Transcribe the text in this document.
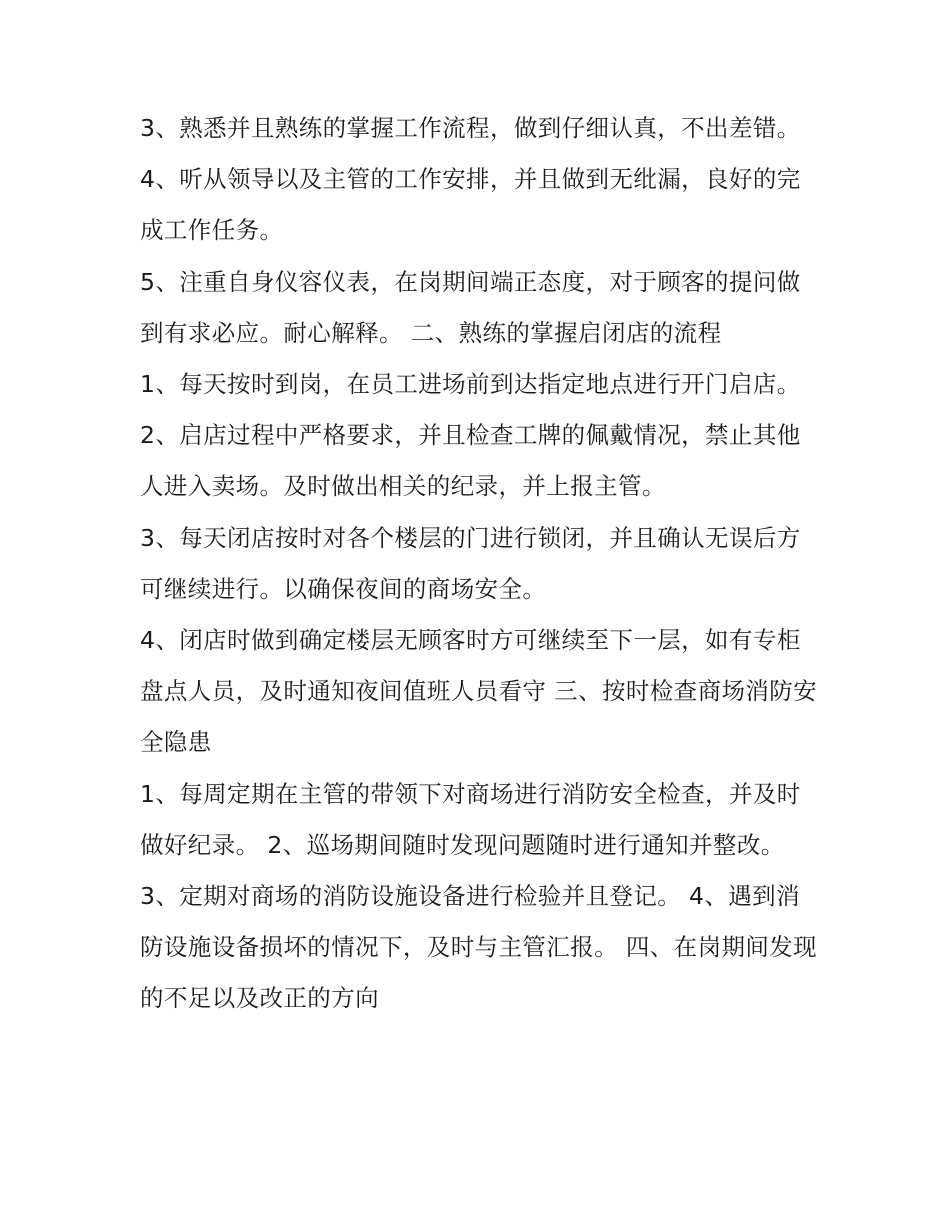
3、熟悉并且熟练的掌握工作流程，做到仔细认真，不出差错。 4、听从领导以及主管的工作安排，并且做到无纰漏，良好的完成工作任务。

5、注重自身仪容仪表，在岗期间端正态度，对于顾客的提问做到有求必应。耐心解释。 二、熟练的掌握启闭店的流程

1、每天按时到岗，在员工进场前到达指定地点进行开门启店。

2、启店过程中严格要求，并且检查工牌的佩戴情况，禁止其他人进入卖场。及时做出相关的纪录，并上报主管。

3、每天闭店按时对各个楼层的门进行锁闭，并且确认无误后方可继续进行。以确保夜间的商场安全。

4、闭店时做到确定楼层无顾客时方可继续至下一层，如有专柜盘点人员，及时通知夜间值班人员看守 三、按时检查商场消防安全隐患

1、每周定期在主管的带领下对商场进行消防安全检查，并及时做好纪录。 2、巡场期间随时发现问题随时进行通知并整改。

3、定期对商场的消防设施设备进行检验并且登记。 4、遇到消防设施设备损坏的情况下，及时与主管汇报。 四、在岗期间发现的不足以及改正的方向
